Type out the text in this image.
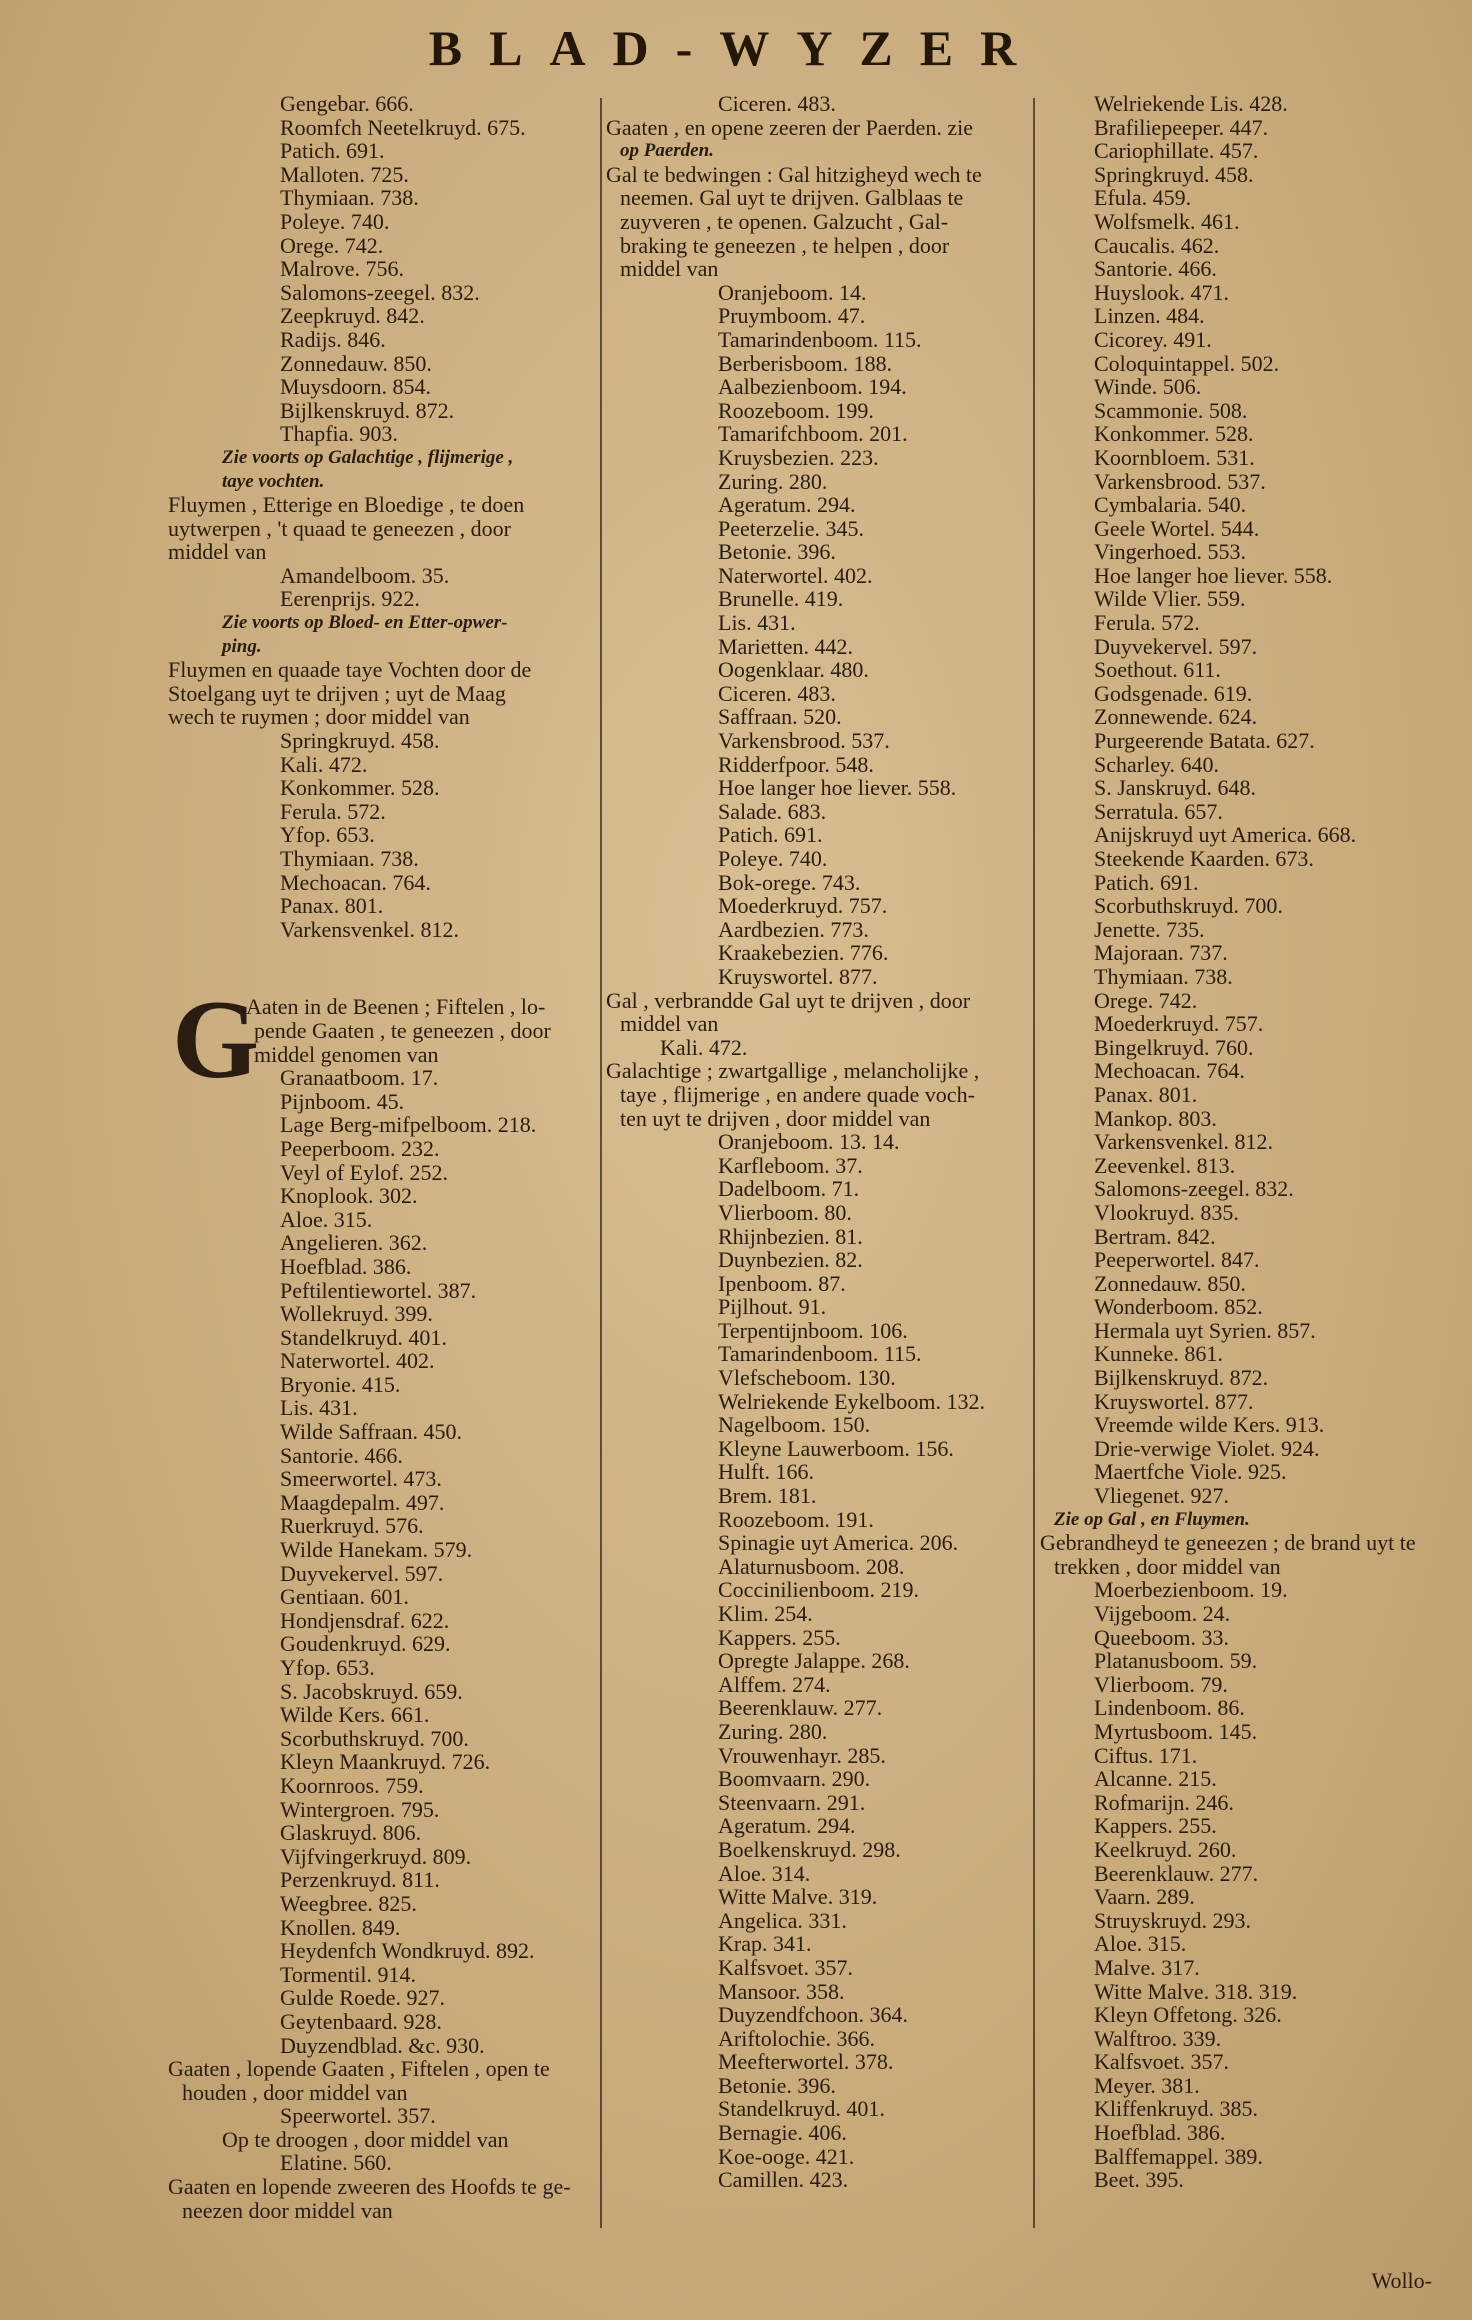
BLAD-WYZER
Gengebar. 666.
Roomfch Neetelkruyd. 675.
Patich. 691.
Malloten. 725.
Thymiaan. 738.
Poleye. 740.
Orege. 742.
Malrove. 756.
Salomons-zeegel. 832.
Zeepkruyd. 842.
Radijs. 846.
Zonnedauw. 850.
Muysdoorn. 854.
Bijlkenskruyd. 872.
Thapfia. 903.
Zie voorts op Galachtige , flijmerige ,
taye vochten.
Fluymen , Etterige en Bloedige , te doen
uytwerpen , 't quaad te geneezen , door
middel van
Amandelboom. 35.
Eerenprijs. 922.
Zie voorts op Bloed- en Etter-opwer-
ping.
Fluymen en quaade taye Vochten door de
Stoelgang uyt te drijven ; uyt de Maag
wech te ruymen ; door middel van
Springkruyd. 458.
Kali. 472.
Konkommer. 528.
Ferula. 572.
Yfop. 653.
Thymiaan. 738.
Mechoacan. 764.
Panax. 801.
Varkensvenkel. 812.
G
Aaten in de Beenen ; Fiftelen , lo-
pende Gaaten , te geneezen , door
middel genomen van
Granaatboom. 17.
Pijnboom. 45.
Lage Berg-mifpelboom. 218.
Peeperboom. 232.
Veyl of Eylof. 252.
Knoplook. 302.
Aloe. 315.
Angelieren. 362.
Hoefblad. 386.
Peftilentiewortel. 387.
Wollekruyd. 399.
Standelkruyd. 401.
Naterwortel. 402.
Bryonie. 415.
Lis. 431.
Wilde Saffraan. 450.
Santorie. 466.
Smeerwortel. 473.
Maagdepalm. 497.
Ruerkruyd. 576.
Wilde Hanekam. 579.
Duyvekervel. 597.
Gentiaan. 601.
Hondjensdraf. 622.
Goudenkruyd. 629.
Yfop. 653.
S. Jacobskruyd. 659.
Wilde Kers. 661.
Scorbuthskruyd. 700.
Kleyn Maankruyd. 726.
Koornroos. 759.
Wintergroen. 795.
Glaskruyd. 806.
Vijfvingerkruyd. 809.
Perzenkruyd. 811.
Weegbree. 825.
Knollen. 849.
Heydenfch Wondkruyd. 892.
Tormentil. 914.
Gulde Roede. 927.
Geytenbaard. 928.
Duyzendblad. &c. 930.
Gaaten , lopende Gaaten , Fiftelen , open te
houden , door middel van
Speerwortel. 357.
Op te droogen , door middel van
Elatine. 560.
Gaaten en lopende zweeren des Hoofds te ge-
neezen door middel van
Ciceren. 483.
Gaaten , en opene zeeren der Paerden. zie
op Paerden.
Gal te bedwingen : Gal hitzigheyd wech te
neemen. Gal uyt te drijven. Galblaas te
zuyveren , te openen. Galzucht , Gal-
braking te geneezen , te helpen , door
middel van
Oranjeboom. 14.
Pruymboom. 47.
Tamarindenboom. 115.
Berberisboom. 188.
Aalbezienboom. 194.
Roozeboom. 199.
Tamarifchboom. 201.
Kruysbezien. 223.
Zuring. 280.
Ageratum. 294.
Peeterzelie. 345.
Betonie. 396.
Naterwortel. 402.
Brunelle. 419.
Lis. 431.
Marietten. 442.
Oogenklaar. 480.
Ciceren. 483.
Saffraan. 520.
Varkensbrood. 537.
Ridderfpoor. 548.
Hoe langer hoe liever. 558.
Salade. 683.
Patich. 691.
Poleye. 740.
Bok-orege. 743.
Moederkruyd. 757.
Aardbezien. 773.
Kraakebezien. 776.
Kruyswortel. 877.
Gal , verbrandde Gal uyt te drijven , door
middel van
Kali. 472.
Galachtige ; zwartgallige , melancholijke ,
taye , flijmerige , en andere quade voch-
ten uyt te drijven , door middel van
Oranjeboom. 13. 14.
Karfleboom. 37.
Dadelboom. 71.
Vlierboom. 80.
Rhijnbezien. 81.
Duynbezien. 82.
Ipenboom. 87.
Pijlhout. 91.
Terpentijnboom. 106.
Tamarindenboom. 115.
Vlefscheboom. 130.
Welriekende Eykelboom. 132.
Nagelboom. 150.
Kleyne Lauwerboom. 156.
Hulft. 166.
Brem. 181.
Roozeboom. 191.
Spinagie uyt America. 206.
Alaturnusboom. 208.
Coccinilienboom. 219.
Klim. 254.
Kappers. 255.
Opregte Jalappe. 268.
Alffem. 274.
Beerenklauw. 277.
Zuring. 280.
Vrouwenhayr. 285.
Boomvaarn. 290.
Steenvaarn. 291.
Ageratum. 294.
Boelkenskruyd. 298.
Aloe. 314.
Witte Malve. 319.
Angelica. 331.
Krap. 341.
Kalfsvoet. 357.
Mansoor. 358.
Duyzendfchoon. 364.
Ariftolochie. 366.
Meefterwortel. 378.
Betonie. 396.
Standelkruyd. 401.
Bernagie. 406.
Koe-ooge. 421.
Camillen. 423.
Welriekende Lis. 428.
Brafiliepeeper. 447.
Cariophillate. 457.
Springkruyd. 458.
Efula. 459.
Wolfsmelk. 461.
Caucalis. 462.
Santorie. 466.
Huyslook. 471.
Linzen. 484.
Cicorey. 491.
Coloquintappel. 502.
Winde. 506.
Scammonie. 508.
Konkommer. 528.
Koornbloem. 531.
Varkensbrood. 537.
Cymbalaria. 540.
Geele Wortel. 544.
Vingerhoed. 553.
Hoe langer hoe liever. 558.
Wilde Vlier. 559.
Ferula. 572.
Duyvekervel. 597.
Soethout. 611.
Godsgenade. 619.
Zonnewende. 624.
Purgeerende Batata. 627.
Scharley. 640.
S. Janskruyd. 648.
Serratula. 657.
Anijskruyd uyt America. 668.
Steekende Kaarden. 673.
Patich. 691.
Scorbuthskruyd. 700.
Jenette. 735.
Majoraan. 737.
Thymiaan. 738.
Orege. 742.
Moederkruyd. 757.
Bingelkruyd. 760.
Mechoacan. 764.
Panax. 801.
Mankop. 803.
Varkensvenkel. 812.
Zeevenkel. 813.
Salomons-zeegel. 832.
Vlookruyd. 835.
Bertram. 842.
Peeperwortel. 847.
Zonnedauw. 850.
Wonderboom. 852.
Hermala uyt Syrien. 857.
Kunneke. 861.
Bijlkenskruyd. 872.
Kruyswortel. 877.
Vreemde wilde Kers. 913.
Drie-verwige Violet. 924.
Maertfche Viole. 925.
Vliegenet. 927.
Zie op Gal , en Fluymen.
Gebrandheyd te geneezen ; de brand uyt te
trekken , door middel van
Moerbezienboom. 19.
Vijgeboom. 24.
Queeboom. 33.
Platanusboom. 59.
Vlierboom. 79.
Lindenboom. 86.
Myrtusboom. 145.
Ciftus. 171.
Alcanne. 215.
Rofmarijn. 246.
Kappers. 255.
Keelkruyd. 260.
Beerenklauw. 277.
Vaarn. 289.
Struyskruyd. 293.
Aloe. 315.
Malve. 317.
Witte Malve. 318. 319.
Kleyn Offetong. 326.
Walftroo. 339.
Kalfsvoet. 357.
Meyer. 381.
Kliffenkruyd. 385.
Hoefblad. 386.
Balffemappel. 389.
Beet. 395.
Wollo-
